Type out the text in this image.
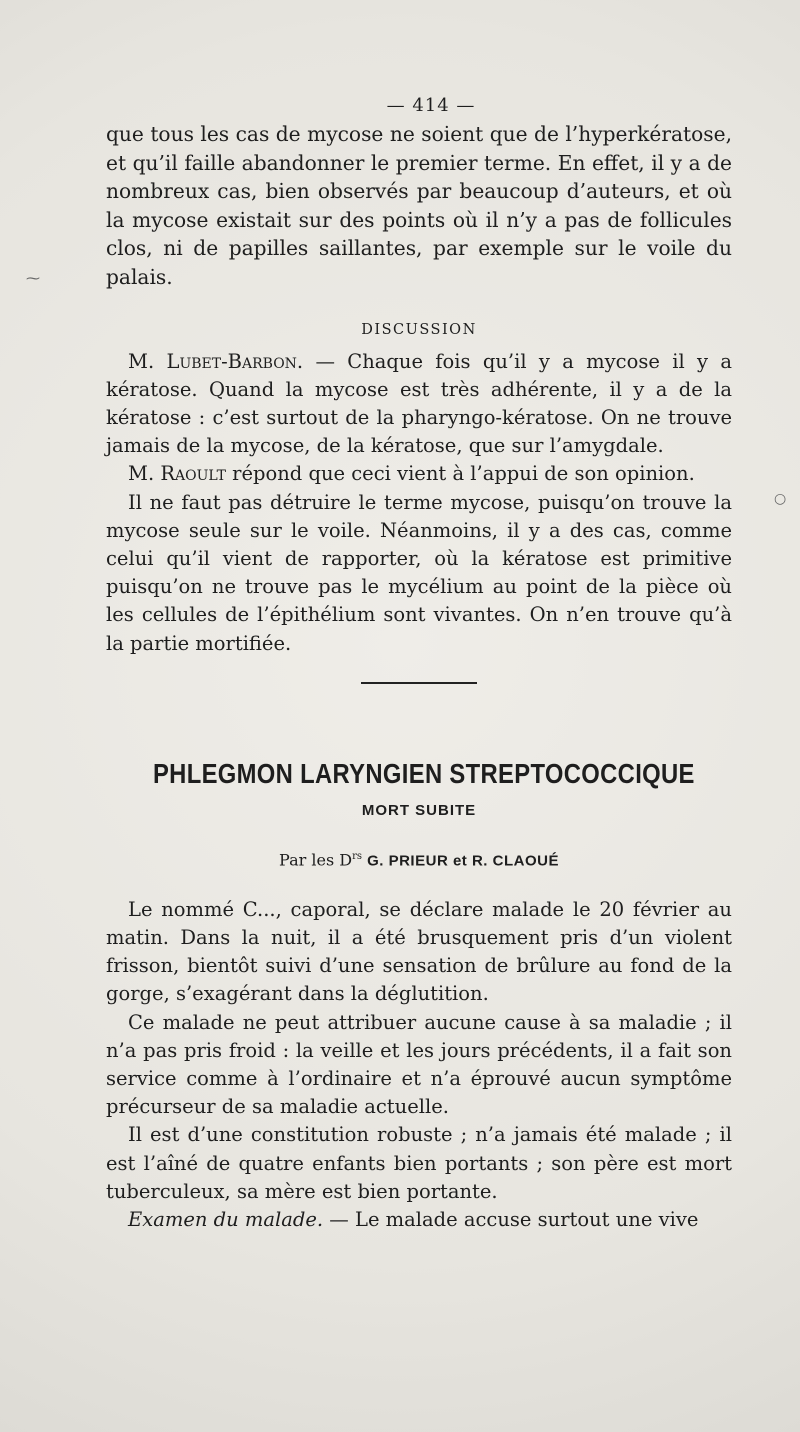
⁓
○
— 414 —

que tous les cas de mycose ne soient que de l’hyperkératose, et qu’il faille abandonner le premier terme. En effet, il y a de nombreux cas, bien observés par beaucoup d’auteurs, et où la mycose existait sur des points où il n’y a pas de follicules clos, ni de papilles saillantes, par exemple sur le voile du palais.

DISCUSSION

M. Lubet-Barbon. — Chaque fois qu’il y a mycose il y a kératose. Quand la mycose est très adhérente, il y a de la kératose : c’est surtout de la pharyngo-kératose. On ne trouve jamais de la mycose, de la kératose, que sur l’amygdale.

M. Raoult répond que ceci vient à l’appui de son opinion.

Il ne faut pas détruire le terme mycose, puisqu’on trouve la mycose seule sur le voile. Néanmoins, il y a des cas, comme celui qu’il vient de rapporter, où la kératose est primitive puisqu’on ne trouve pas le mycélium au point de la pièce où les cellules de l’épithélium sont vivantes. On n’en trouve qu’à la partie mortifiée.

PHLEGMON LARYNGIEN STREPTOCOCCIQUE
MORT SUBITE
Par les $D^{rs}$ G. PRIEUR et R. CLAOUÉ

Le nommé C..., caporal, se déclare malade le 20 février au matin. Dans la nuit, il a été brusquement pris d’un violent frisson, bientôt suivi d’une sensation de brûlure au fond de la gorge, s’exagérant dans la déglutition.

Ce malade ne peut attribuer aucune cause à sa maladie ; il n’a pas pris froid : la veille et les jours précédents, il a fait son service comme à l’ordinaire et n’a éprouvé aucun symptôme précurseur de sa maladie actuelle.

Il est d’une constitution robuste ; n’a jamais été malade ; il est l’aîné de quatre enfants bien portants ; son père est mort tuberculeux, sa mère est bien portante.

Examen du malade. — Le malade accuse surtout une vive
